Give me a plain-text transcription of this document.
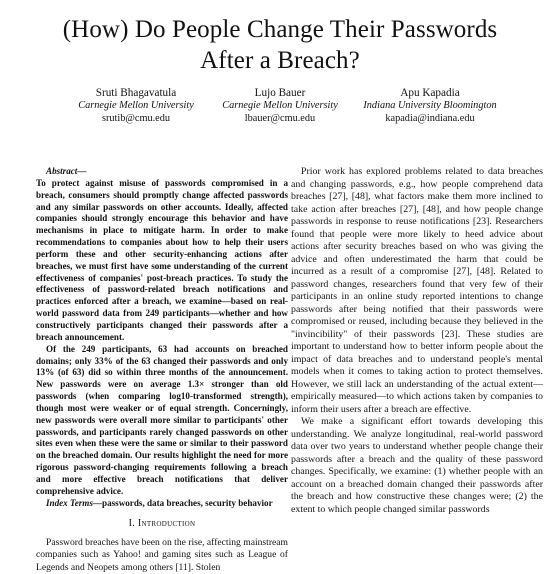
(How) Do People Change Their Passwords
After a Breach?
Sruti Bhagavatula
Carnegie Mellon University
srutib@cmu.edu
Lujo Bauer
Carnegie Mellon University
lbauer@cmu.edu
Apu Kapadia
Indiana University Bloomington
kapadia@indiana.edu

Abstract—
To protect against misuse of passwords compromised in a breach, consumers should promptly change affected passwords and any similar passwords on other accounts. Ideally, affected companies should strongly encourage this behavior and have mechanisms in place to mitigate harm. In order to make recommendations to companies about how to help their users perform these and other security-enhancing actions after breaches, we must first have some understanding of the current effectiveness of companies' post-breach practices. To study the effectiveness of password-related breach notifications and practices enforced after a breach, we examine—based on real-world password data from 249 participants—whether and how constructively participants changed their passwords after a breach announcement.

Of the 249 participants, 63 had accounts on breached domains; only 33% of the 63 changed their passwords and only 13% (of 63) did so within three months of the announcement. New passwords were on average 1.3× stronger than old passwords (when comparing log10-transformed strength), though most were weaker or of equal strength. Concerningly, new passwords were overall more similar to participants' other passwords, and participants rarely changed passwords on other sites even when these were the same or similar to their password on the breached domain. Our results highlight the need for more rigorous password-changing requirements following a breach and more effective breach notifications that deliver comprehensive advice.

Index Terms—passwords, data breaches, security behavior

I. Introduction

Password breaches have been on the rise, affecting mainstream companies such as Yahoo! and gaming sites such as League of Legends and Neopets among others [11]. Stolen

Prior work has explored problems related to data breaches and changing passwords, e.g., how people comprehend data breaches [27], [48], what factors make them more inclined to take action after breaches [27], [48], and how people change passwords in response to reuse notifications [23]. Researchers found that people were more likely to heed advice about actions after security breaches based on who was giving the advice and often underestimated the harm that could be incurred as a result of a compromise [27], [48]. Related to password changes, researchers found that very few of their participants in an online study reported intentions to change passwords after being notified that their passwords were compromised or reused, including because they believed in the "invincibility" of their passwords [23]. These studies are important to understand how to better inform people about the impact of data breaches and to understand people's mental models when it comes to taking action to protect themselves. However, we still lack an understanding of the actual extent—empirically measured—to which actions taken by companies to inform their users after a breach are effective.

We make a significant effort towards developing this understanding. We analyze longitudinal, real-world password data over two years to understand whether people change their passwords after a breach and the quality of these password changes. Specifically, we examine: (1) whether people with an account on a breached domain changed their passwords after the breach and how constructive these changes were; (2) the extent to which people changed similar passwords
